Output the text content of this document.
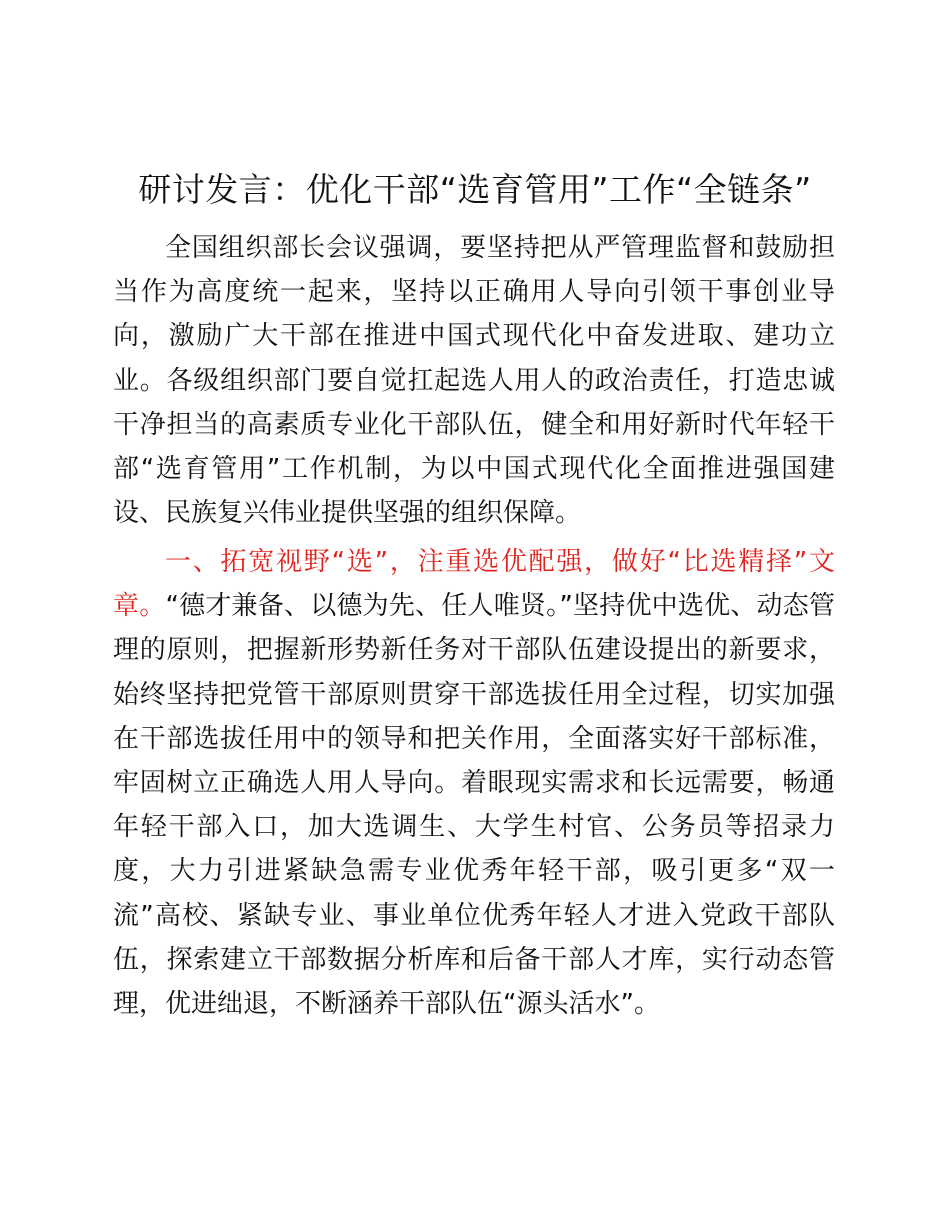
研讨发言：优化干部“选育管用”工作“全链条”

全国组织部长会议强调，要坚持把从严管理监督和鼓励担当作为高度统一起来，坚持以正确用人导向引领干事创业导向，激励广大干部在推进中国式现代化中奋发进取、建功立业。各级组织部门要自觉扛起选人用人的政治责任，打造忠诚干净担当的高素质专业化干部队伍，健全和用好新时代年轻干部“选育管用”工作机制，为以中国式现代化全面推进强国建设、民族复兴伟业提供坚强的组织保障。

一、拓宽视野“选”，注重选优配强，做好“比选精择”文章。“德才兼备、以德为先、任人唯贤。”坚持优中选优、动态管理的原则，把握新形势新任务对干部队伍建设提出的新要求，始终坚持把党管干部原则贯穿干部选拔任用全过程，切实加强在干部选拔任用中的领导和把关作用，全面落实好干部标准，牢固树立正确选人用人导向。着眼现实需求和长远需要，畅通年轻干部入口，加大选调生、大学生村官、公务员等招录力度，大力引进紧缺急需专业优秀年轻干部，吸引更多“双一流”高校、紧缺专业、事业单位优秀年轻人才进入党政干部队伍，探索建立干部数据分析库和后备干部人才库，实行动态管理，优进绌退，不断涵养干部队伍“源头活水”。
